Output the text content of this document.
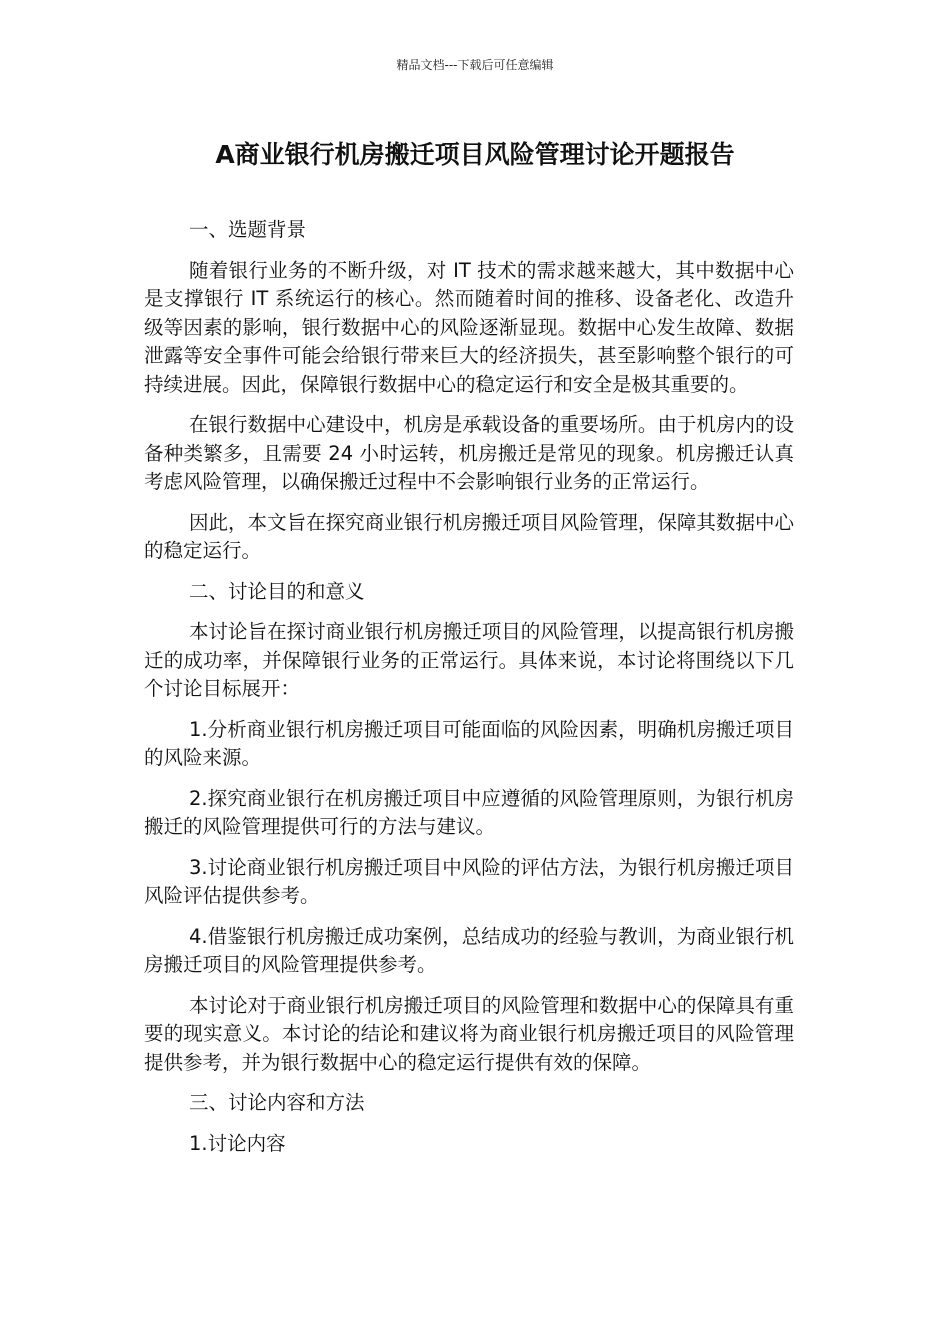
精品文档---下载后可任意编辑
A商业银行机房搬迁项目风险管理讨论开题报告

一、选题背景

随着银行业务的不断升级，对 IT 技术的需求越来越大，其中数据中心是支撑银行 IT 系统运行的核心。然而随着时间的推移、设备老化、改造升级等因素的影响，银行数据中心的风险逐渐显现。数据中心发生故障、数据泄露等安全事件可能会给银行带来巨大的经济损失，甚至影响整个银行的可持续进展。因此，保障银行数据中心的稳定运行和安全是极其重要的。

在银行数据中心建设中，机房是承载设备的重要场所。由于机房内的设备种类繁多，且需要 24 小时运转，机房搬迁是常见的现象。机房搬迁认真考虑风险管理，以确保搬迁过程中不会影响银行业务的正常运行。

因此，本文旨在探究商业银行机房搬迁项目风险管理，保障其数据中心的稳定运行。

二、讨论目的和意义

本讨论旨在探讨商业银行机房搬迁项目的风险管理，以提高银行机房搬迁的成功率，并保障银行业务的正常运行。具体来说，本讨论将围绕以下几个讨论目标展开：

1.分析商业银行机房搬迁项目可能面临的风险因素，明确机房搬迁项目的风险来源。

2.探究商业银行在机房搬迁项目中应遵循的风险管理原则，为银行机房搬迁的风险管理提供可行的方法与建议。

3.讨论商业银行机房搬迁项目中风险的评估方法，为银行机房搬迁项目风险评估提供参考。

4.借鉴银行机房搬迁成功案例，总结成功的经验与教训，为商业银行机房搬迁项目的风险管理提供参考。

本讨论对于商业银行机房搬迁项目的风险管理和数据中心的保障具有重要的现实意义。本讨论的结论和建议将为商业银行机房搬迁项目的风险管理提供参考，并为银行数据中心的稳定运行提供有效的保障。

三、讨论内容和方法

1.讨论内容
